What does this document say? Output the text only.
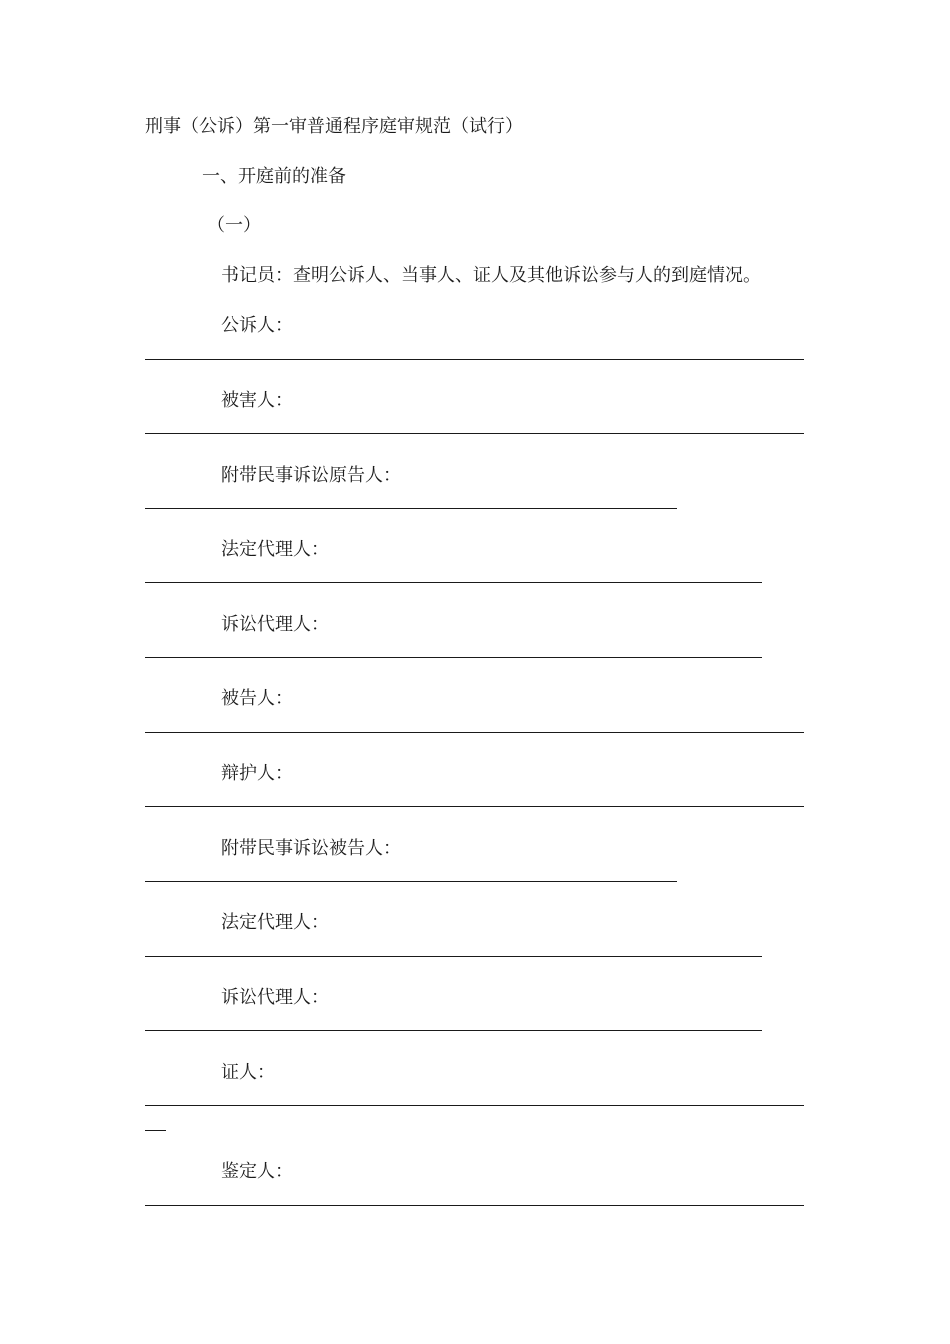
刑事（公诉）第一审普通程序庭审规范（试行）
一、开庭前的准备
（一）
书记员：查明公诉人、当事人、证人及其他诉讼参与人的到庭情况。
公诉人：
被害人：
附带民事诉讼原告人：
法定代理人：
诉讼代理人：
被告人：
辩护人：
附带民事诉讼被告人：
法定代理人：
诉讼代理人：
证人：
鉴定人：
